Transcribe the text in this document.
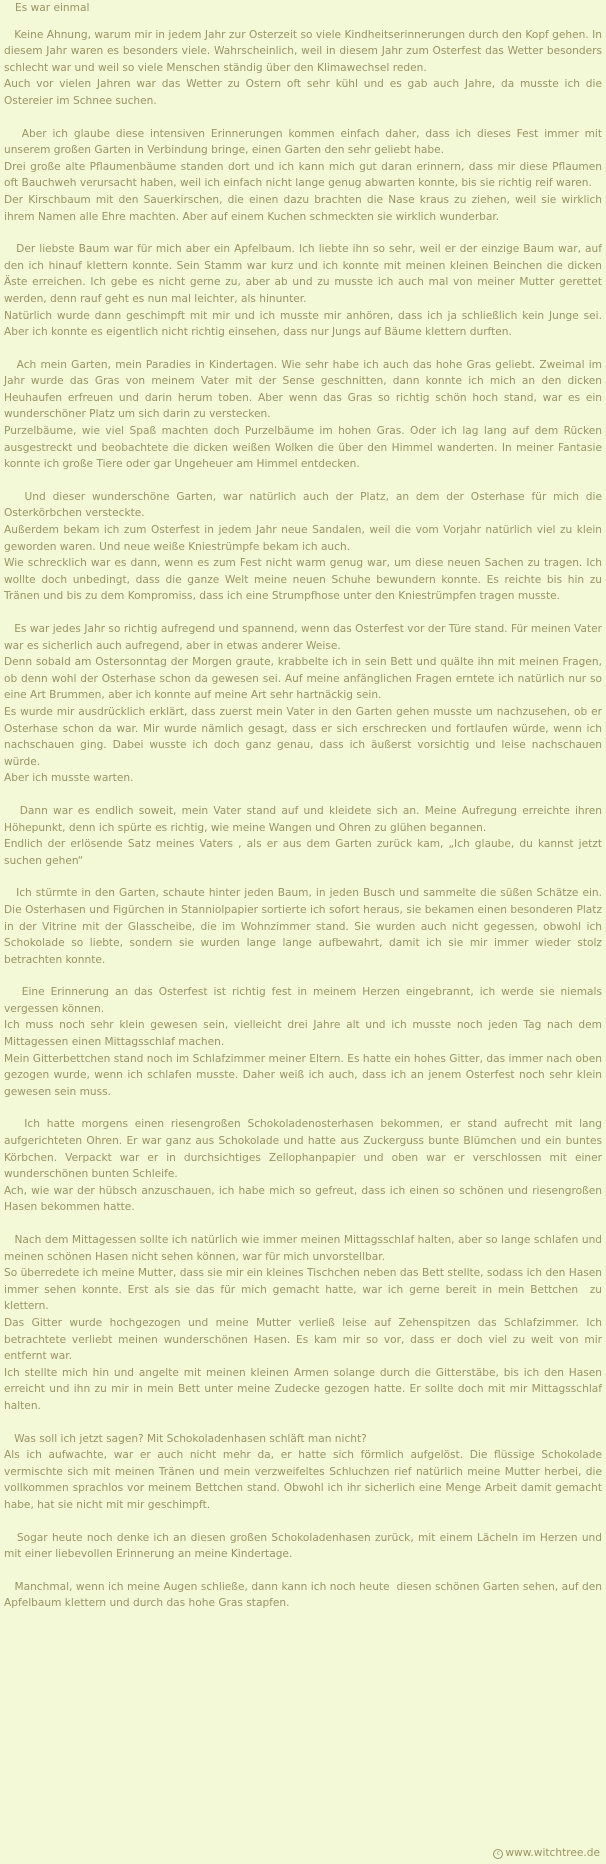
Es war einmal

Keine Ahnung, warum mir in jedem Jahr zur Osterzeit so viele Kindheitserinnerungen durch den Kopf gehen. In diesem Jahr waren es besonders viele. Wahrscheinlich, weil in diesem Jahr zum Osterfest das Wetter besonders schlecht war und weil so viele Menschen ständig über den Klimawechsel reden.
Auch vor vielen Jahren war das Wetter zu Ostern oft sehr kühl und es gab auch Jahre, da musste ich die Ostereier im Schnee suchen.

Aber ich glaube diese intensiven Erinnerungen kommen einfach daher, dass ich dieses Fest immer mit unserem großen Garten in Verbindung bringe, einen Garten den sehr geliebt habe.
Drei große alte Pflaumenbäume standen dort und ich kann mich gut daran erinnern, dass mir diese Pflaumen oft Bauchweh verursacht haben, weil ich einfach nicht lange genug abwarten konnte, bis sie richtig reif waren.
Der Kirschbaum mit den Sauerkirschen, die einen dazu brachten die Nase kraus zu ziehen, weil sie wirklich ihrem Namen alle Ehre machten. Aber auf einem Kuchen schmeckten sie wirklich wunderbar.

Der liebste Baum war für mich aber ein Apfelbaum. Ich liebte ihn so sehr, weil er der einzige Baum war, auf den ich hinauf klettern konnte. Sein Stamm war kurz und ich konnte mit meinen kleinen Beinchen die dicken Äste erreichen. Ich gebe es nicht gerne zu, aber ab und zu musste ich auch mal von meiner Mutter gerettet werden, denn rauf geht es nun mal leichter, als hinunter.
Natürlich wurde dann geschimpft mit mir und ich musste mir anhören, dass ich ja schließlich kein Junge sei. Aber ich konnte es eigentlich nicht richtig einsehen, dass nur Jungs auf Bäume klettern durften.

Ach mein Garten, mein Paradies in Kindertagen. Wie sehr habe ich auch das hohe Gras geliebt. Zweimal im Jahr wurde das Gras von meinem Vater mit der Sense geschnitten, dann konnte ich mich an den dicken Heuhaufen erfreuen und darin herum toben. Aber wenn das Gras so richtig schön hoch stand, war es ein wunderschöner Platz um sich darin zu verstecken.
Purzelbäume, wie viel Spaß machten doch Purzelbäume im hohen Gras. Oder ich lag lang auf dem Rücken ausgestreckt und beobachtete die dicken weißen Wolken die über den Himmel wanderten. In meiner Fantasie konnte ich große Tiere oder gar Ungeheuer am Himmel entdecken.

Und dieser wunderschöne Garten, war natürlich auch der Platz, an dem der Osterhase für mich die Osterkörbchen versteckte.
Außerdem bekam ich zum Osterfest in jedem Jahr neue Sandalen, weil die vom Vorjahr natürlich viel zu klein geworden waren. Und neue weiße Kniestrümpfe bekam ich auch.
Wie schrecklich war es dann, wenn es zum Fest nicht warm genug war, um diese neuen Sachen zu tragen. Ich wollte doch unbedingt, dass die ganze Welt meine neuen Schuhe bewundern konnte. Es reichte bis hin zu Tränen und bis zu dem Kompromiss, dass ich eine Strumpfhose unter den Kniestrümpfen tragen musste.

Es war jedes Jahr so richtig aufregend und spannend, wenn das Osterfest vor der Türe stand. Für meinen Vater war es sicherlich auch aufregend, aber in etwas anderer Weise.
Denn sobald am Ostersonntag der Morgen graute, krabbelte ich in sein Bett und quälte ihn mit meinen Fragen, ob denn wohl der Osterhase schon da gewesen sei. Auf meine anfänglichen Fragen erntete ich natürlich nur so eine Art Brummen, aber ich konnte auf meine Art sehr hartnäckig sein.
Es wurde mir ausdrücklich erklärt, dass zuerst mein Vater in den Garten gehen musste um nachzusehen, ob er Osterhase schon da war. Mir wurde nämlich gesagt, dass er sich erschrecken und fortlaufen würde, wenn ich nachschauen ging. Dabei wusste ich doch ganz genau, dass ich äußerst vorsichtig und leise nachschauen würde.
Aber ich musste warten.

Dann war es endlich soweit, mein Vater stand auf und kleidete sich an. Meine Aufregung erreichte ihren Höhepunkt, denn ich spürte es richtig, wie meine Wangen und Ohren zu glühen begannen.
Endlich der erlösende Satz meines Vaters , als er aus dem Garten zurück kam, „Ich glaube, du kannst jetzt suchen gehen“

Ich stürmte in den Garten, schaute hinter jeden Baum, in jeden Busch und sammelte die süßen Schätze ein. Die Osterhasen und Figürchen in Stanniolpapier sortierte ich sofort heraus, sie bekamen einen besonderen Platz in der Vitrine mit der Glasscheibe, die im Wohnzimmer stand. Sie wurden auch nicht gegessen, obwohl ich Schokolade so liebte, sondern sie wurden lange lange aufbewahrt, damit ich sie mir immer wieder stolz betrachten konnte.

Eine Erinnerung an das Osterfest ist richtig fest in meinem Herzen eingebrannt, ich werde sie niemals vergessen können.
Ich muss noch sehr klein gewesen sein, vielleicht drei Jahre alt und ich musste noch jeden Tag nach dem Mittagessen einen Mittagsschlaf machen.
Mein Gitterbettchen stand noch im Schlafzimmer meiner Eltern. Es hatte ein hohes Gitter, das immer nach oben gezogen wurde, wenn ich schlafen musste. Daher weiß ich auch, dass ich an jenem Osterfest noch sehr klein gewesen sein muss.

Ich hatte morgens einen riesengroßen Schokoladenosterhasen bekommen, er stand aufrecht mit lang aufgerichteten Ohren. Er war ganz aus Schokolade und hatte aus Zuckerguss bunte Blümchen und ein buntes Körbchen. Verpackt war er in durchsichtiges Zellophanpapier und oben war er verschlossen mit einer wunderschönen bunten Schleife.
Ach, wie war der hübsch anzuschauen, ich habe mich so gefreut, dass ich einen so schönen und riesengroßen Hasen bekommen hatte.

Nach dem Mittagessen sollte ich natürlich wie immer meinen Mittagsschlaf halten, aber so lange schlafen und meinen schönen Hasen nicht sehen können, war für mich unvorstellbar.
So überredete ich meine Mutter, dass sie mir ein kleines Tischchen neben das Bett stellte, sodass ich den Hasen immer sehen konnte. Erst als sie das für mich gemacht hatte, war ich gerne bereit in mein Bettchen  zu klettern.
Das Gitter wurde hochgezogen und meine Mutter verließ leise auf Zehenspitzen das Schlafzimmer. Ich betrachtete verliebt meinen wunderschönen Hasen. Es kam mir so vor, dass er doch viel zu weit von mir entfernt war.
Ich stellte mich hin und angelte mit meinen kleinen Armen solange durch die Gitterstäbe, bis ich den Hasen erreicht und ihn zu mir in mein Bett unter meine Zudecke gezogen hatte. Er sollte doch mit mir Mittagsschlaf halten.

Was soll ich jetzt sagen? Mit Schokoladenhasen schläft man nicht?
Als ich aufwachte, war er auch nicht mehr da, er hatte sich förmlich aufgelöst. Die flüssige Schokolade vermischte sich mit meinen Tränen und mein verzweifeltes Schluchzen rief natürlich meine Mutter herbei, die vollkommen sprachlos vor meinem Bettchen stand. Obwohl ich ihr sicherlich eine Menge Arbeit damit gemacht habe, hat sie nicht mit mir geschimpft.

Sogar heute noch denke ich an diesen großen Schokoladenhasen zurück, mit einem Lächeln im Herzen und mit einer liebevollen Erinnerung an meine Kindertage.

Manchmal, wenn ich meine Augen schließe, dann kann ich noch heute  diesen schönen Garten sehen, auf den Apfelbaum klettern und durch das hohe Gras stapfen.

c www.witchtree.de
